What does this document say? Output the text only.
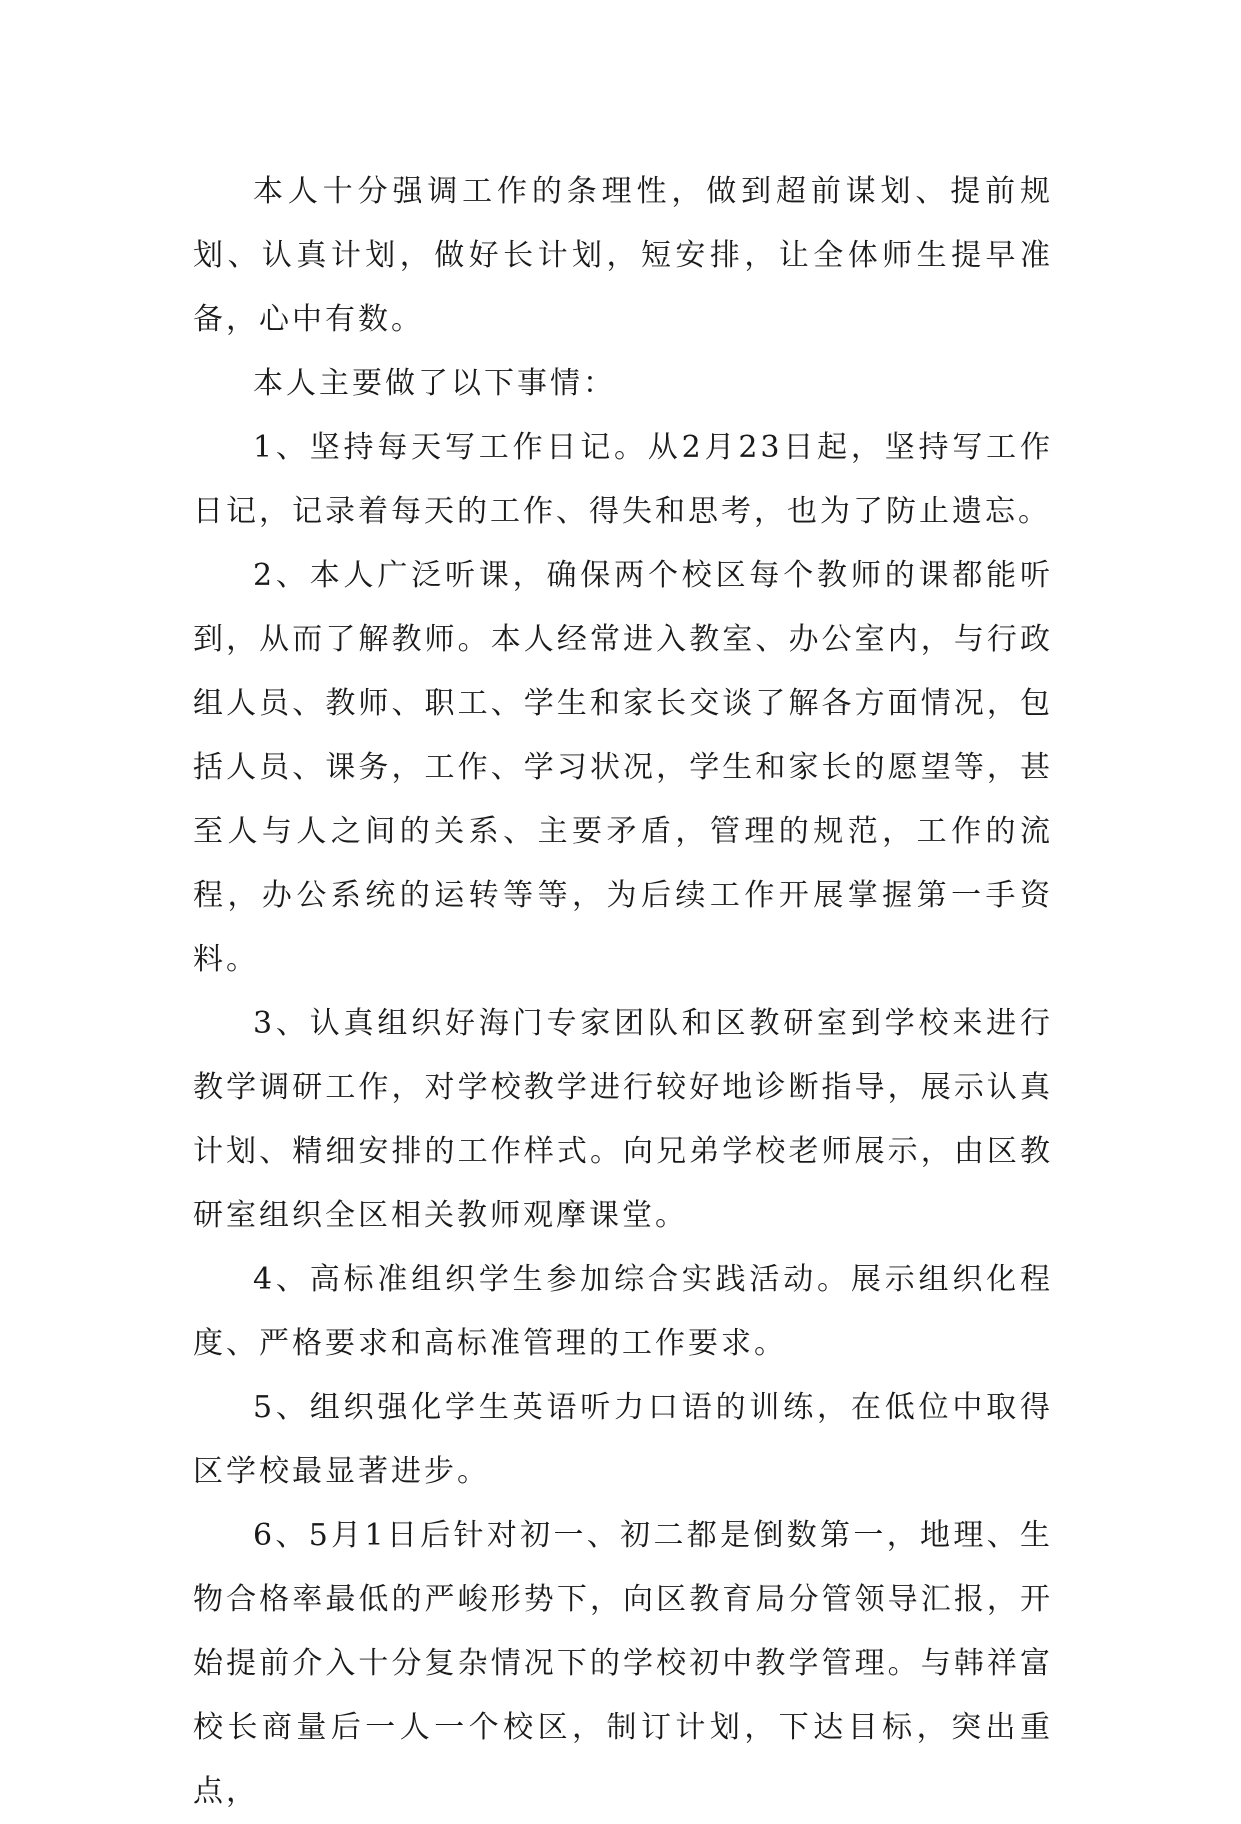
本人十分强调工作的条理性，做到超前谋划、提前规划、认真计划，做好长计划，短安排，让全体师生提早准备，心中有数。

本人主要做了以下事情：

1、坚持每天写工作日记。从2月23日起，坚持写工作日记，记录着每天的工作、得失和思考，也为了防止遗忘。

2、本人广泛听课，确保两个校区每个教师的课都能听到，从而了解教师。本人经常进入教室、办公室内，与行政组人员、教师、职工、学生和家长交谈了解各方面情况，包括人员、课务，工作、学习状况，学生和家长的愿望等，甚至人与人之间的关系、主要矛盾，管理的规范，工作的流程，办公系统的运转等等，为后续工作开展掌握第一手资料。

3、认真组织好海门专家团队和区教研室到学校来进行教学调研工作，对学校教学进行较好地诊断指导，展示认真计划、精细安排的工作样式。向兄弟学校老师展示，由区教研室组织全区相关教师观摩课堂。

4、高标准组织学生参加综合实践活动。展示组织化程度、严格要求和高标准管理的工作要求。

5、组织强化学生英语听力口语的训练，在低位中取得区学校最显著进步。

6、5月1日后针对初一、初二都是倒数第一，地理、生物合格率最低的严峻形势下，向区教育局分管领导汇报，开始提前介入十分复杂情况下的学校初中教学管理。与韩祥富校长商量后一人一个校区，制订计划，下达目标，突出重点，
